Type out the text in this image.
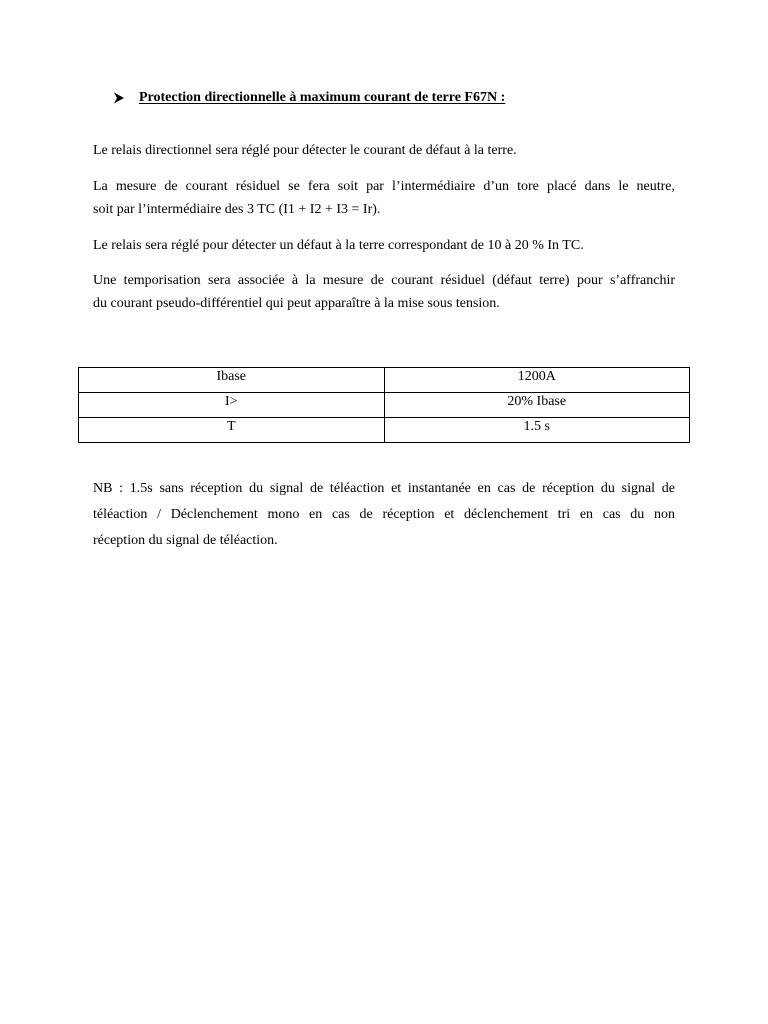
Protection directionnelle à maximum courant de terre F67N :
Le relais directionnel sera réglé pour détecter le courant de défaut à la terre.
La mesure de courant résiduel se fera soit par l’intermédiaire d’un tore placé dans le neutre,
soit par l’intermédiaire des 3 TC (I1 + I2 + I3 = Ir).
Le relais sera réglé pour détecter un défaut à la terre correspondant de 10 à 20 % In TC.
Une temporisation sera associée à la mesure de courant résiduel (défaut terre) pour s’affranchir
du courant pseudo-différentiel qui peut apparaître à la mise sous tension.
Ibase	1200A
I>	20% Ibase
T	1.5 s
NB : 1.5s sans réception du signal de téléaction et instantanée en cas de réception du signal de
téléaction / Déclenchement mono en cas de réception et déclenchement tri en cas du non
réception du signal de téléaction.
